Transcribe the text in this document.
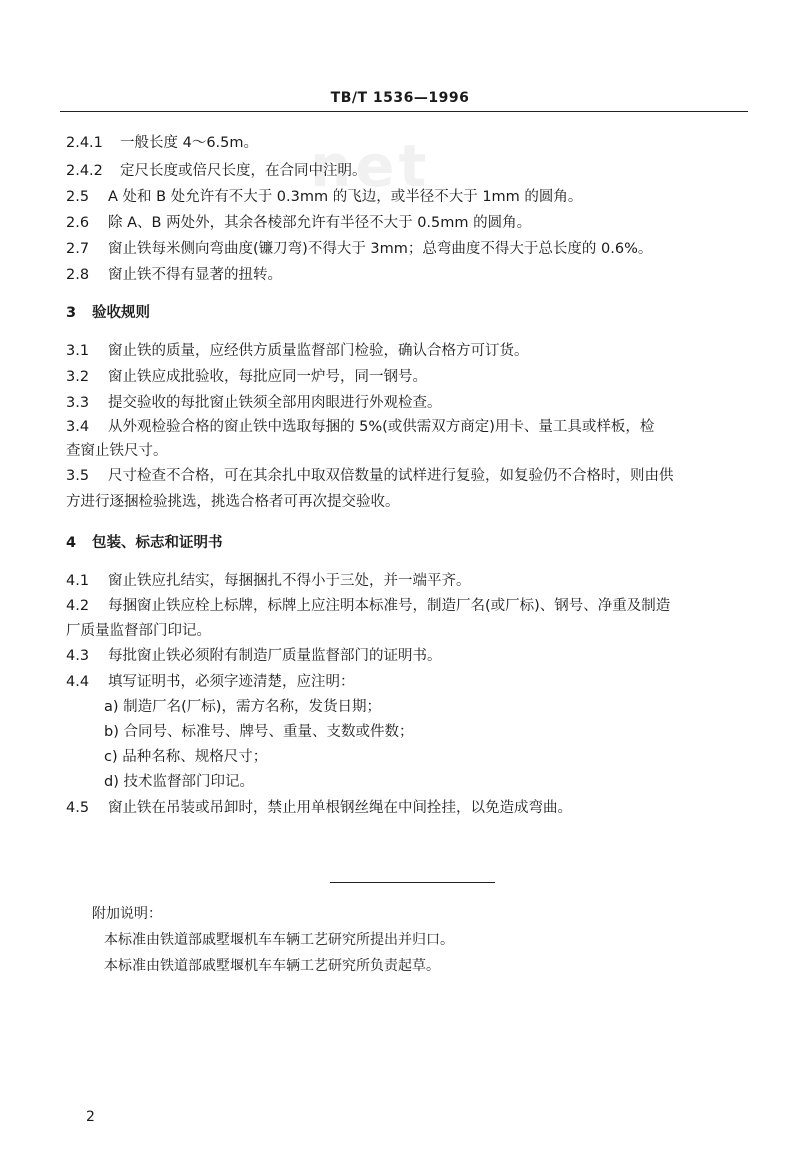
TB/T 1536—1996
net
2.4.1 一般长度 4～6.5m。
2.4.2 定尺长度或倍尺长度，在合同中注明。
2.5 A 处和 B 处允许有不大于 0.3mm 的飞边，或半径不大于 1mm 的圆角。
2.6 除 A、B 两处外，其余各棱部允许有半径不大于 0.5mm 的圆角。
2.7 窗止铁每米侧向弯曲度(镰刀弯)不得大于 3mm；总弯曲度不得大于总长度的 0.6%。
2.8 窗止铁不得有显著的扭转。
3 验收规则
3.1 窗止铁的质量，应经供方质量监督部门检验，确认合格方可订货。
3.2 窗止铁应成批验收，每批应同一炉号，同一钢号。
3.3 提交验收的每批窗止铁须全部用肉眼进行外观检查。
3.4 从外观检验合格的窗止铁中选取每捆的 5%(或供需双方商定)用卡、量工具或样板，检
查窗止铁尺寸。
3.5 尺寸检查不合格，可在其余扎中取双倍数量的试样进行复验，如复验仍不合格时，则由供
方进行逐捆检验挑选，挑选合格者可再次提交验收。
4 包装、标志和证明书
4.1 窗止铁应扎结实，每捆捆扎不得小于三处，并一端平齐。
4.2 每捆窗止铁应栓上标牌，标牌上应注明本标准号，制造厂名(或厂标)、钢号、净重及制造
厂质量监督部门印记。
4.3 每批窗止铁必须附有制造厂质量监督部门的证明书。
4.4 填写证明书，必须字迹清楚，应注明：
a) 制造厂名(厂标)，需方名称，发货日期；
b) 合同号、标准号、牌号、重量、支数或件数；
c) 品种名称、规格尺寸；
d) 技术监督部门印记。
4.5 窗止铁在吊装或吊卸时，禁止用单根钢丝绳在中间拴挂，以免造成弯曲。
附加说明：
本标准由铁道部戚墅堰机车车辆工艺研究所提出并归口。
本标准由铁道部戚墅堰机车车辆工艺研究所负责起草。
2
